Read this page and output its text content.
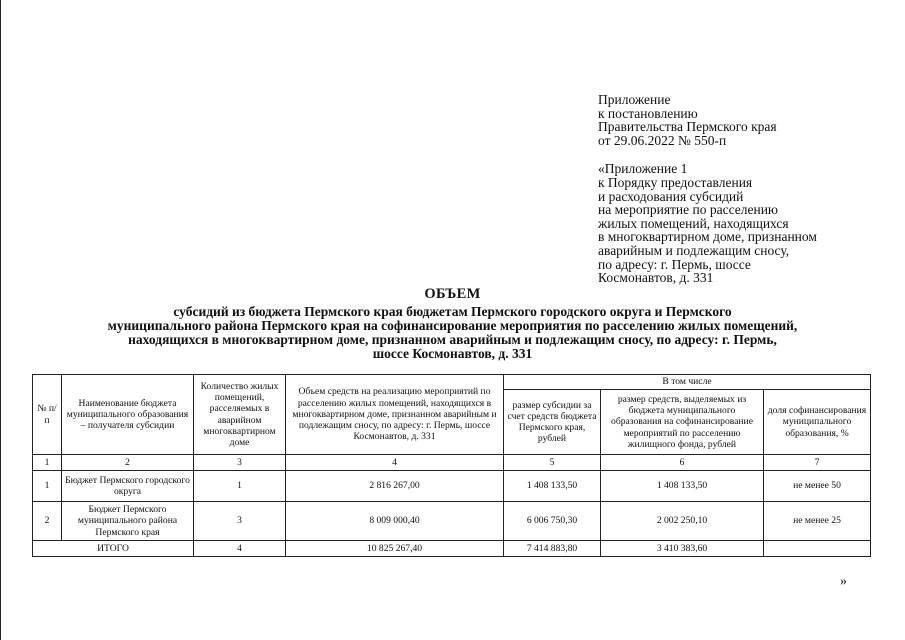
Приложение
к постановлению
Правительства Пермского края
от 29.06.2022 № 550-п
«Приложение 1
к Порядку предоставления
и расходования субсидий
на мероприятие по расселению
жилых помещений, находящихся
в многоквартирном доме, признанном
аварийным и подлежащим сносу,
по адресу: г. Пермь, шоссе
Космонавтов, д. 331
ОБЪЕМ
субсидий из бюджета Пермского края бюджетам Пермского городского округа и Пермского
муниципального района Пермского края на софинансирование мероприятия по расселению жилых помещений,
находящихся в многоквартирном доме, признанном аварийным и подлежащим сносу, по адресу: г. Пермь,
шоссе Космонавтов, д. 331
№ п/п	Наименование бюджета муниципального образования – получателя субсидии	Количество жилых помещений, расселяемых в аварийном многоквартирном доме	Объем средств на реализацию мероприятий по расселению жилых помещений, находящихся в многоквартирном доме, признанном аварийным и подлежащим сносу, по адресу: г. Пермь, шоссе Космонавтов, д. 331	В том числе		
				размер субсидии за счет средств бюджета Пермского края, рублей	размер средств, выделяемых из бюджета муниципального образования на софинансирование мероприятий по расселению жилищного фонда, рублей	доля софинансирования муниципального образования, %
1	2	3	4	5	6	7
1	Бюджет Пермского городского округа	1	2 816 267,00	1 408 133,50	1 408 133,50	не менее 50
2	Бюджет Пермского муниципального района Пермского края	3	8 009 000,40	6 006 750,30	2 002 250,10	не менее 25
ИТОГО		4	10 825 267,40	7 414 883,80	3 410 383,60	
»
